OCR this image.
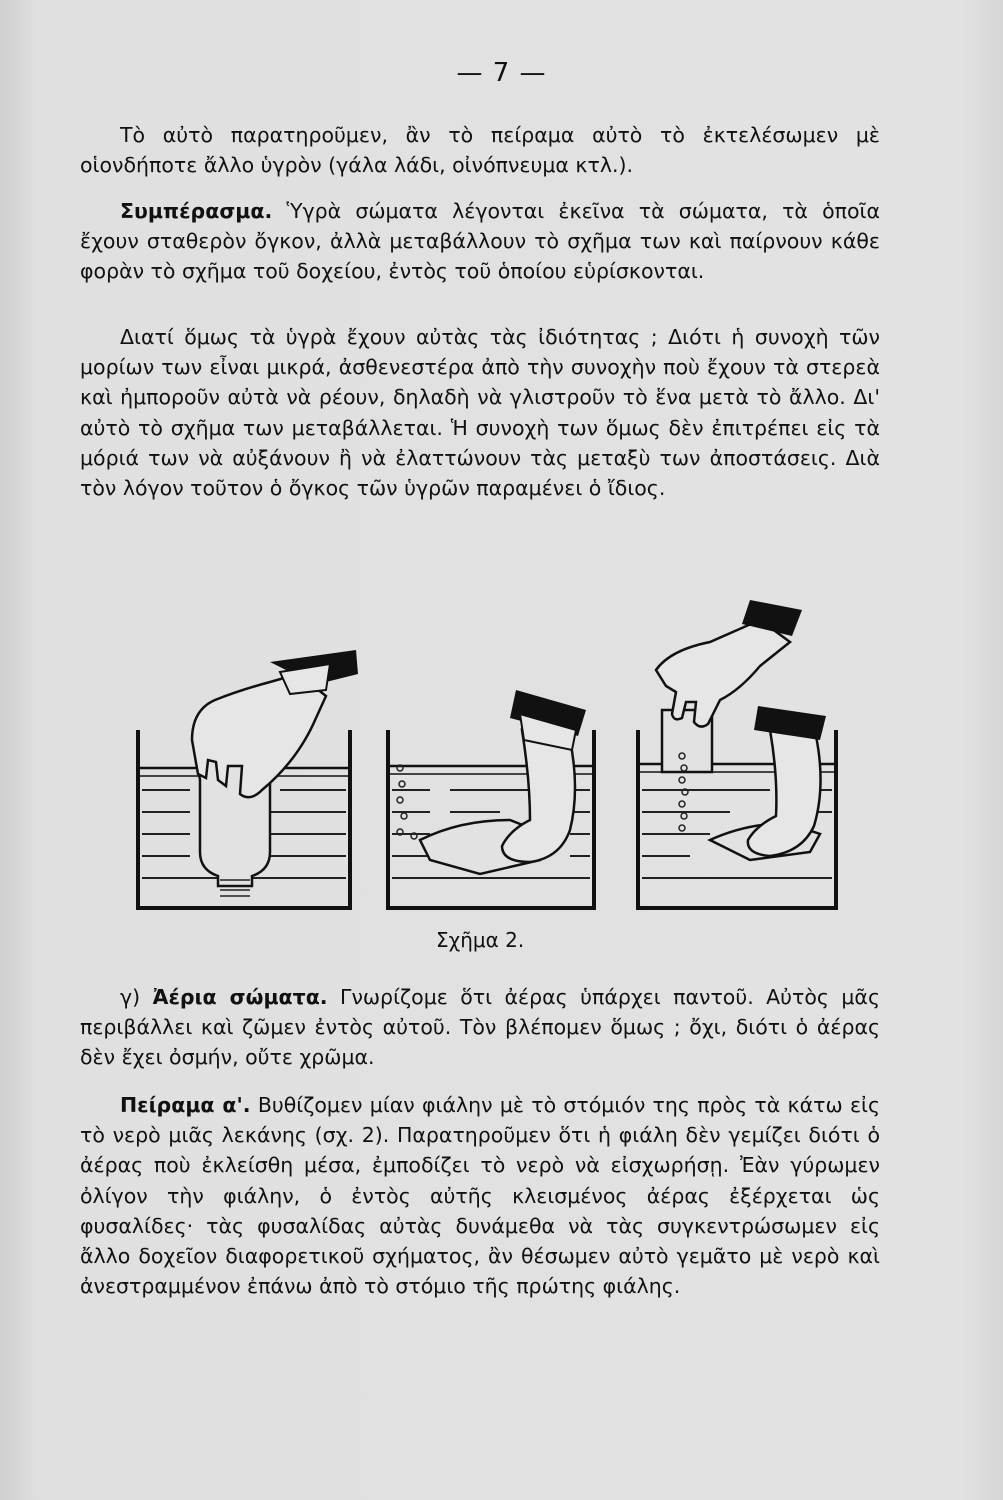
— 7 —

Τὸ αὐτὸ παρατηροῦμεν, ἂν τὸ πείραμα αὐτὸ τὸ ἐκτελέσωμεν μὲ οἱονδήποτε ἄλλο ὑγρὸν (γάλα λάδι, οἰνόπνευμα κτλ.).

Συμπέρασμα. Ὑγρὰ σώματα λέγονται ἐκεῖνα τὰ σώματα, τὰ ὁποῖα ἔχουν σταθερὸν ὄγκον, ἀλλὰ μεταβάλλουν τὸ σχῆμα των καὶ παίρνουν κάθε φορὰν τὸ σχῆμα τοῦ δοχείου, ἐντὸς τοῦ ὁποίου εὑρίσκονται.

Διατί ὅμως τὰ ὑγρὰ ἔχουν αὐτὰς τὰς ἰδιότητας ; Διότι ἡ συνοχὴ τῶν μορίων των εἶναι μικρά, ἀσθενεστέρα ἀπὸ τὴν συνοχὴν ποὺ ἔχουν τὰ στερεὰ καὶ ἠμποροῦν αὐτὰ νὰ ρέουν, δηλαδὴ νὰ γλιστροῦν τὸ ἕνα μετὰ τὸ ἄλλο. Δι' αὐτὸ τὸ σχῆμα των μεταβάλλεται. Ἡ συνοχὴ των ὅμως δὲν ἐπιτρέπει εἰς τὰ μόριά των νὰ αὐξάνουν ἢ νὰ ἐλαττώνουν τὰς μεταξὺ των ἀποστάσεις. Διὰ τὸν λόγον τοῦτον ὁ ὄγκος τῶν ὑγρῶν παραμένει ὁ ἴδιος.

Σχῆμα 2.

γ) Ἀέρια σώματα. Γνωρίζομε ὅτι ἀέρας ὑπάρχει παντοῦ. Αὐτὸς μᾶς περιβάλλει καὶ ζῶμεν ἐντὸς αὐτοῦ. Τὸν βλέπομεν ὅμως ; ὄχι, διότι ὁ ἀέρας δὲν ἔχει ὀσμήν, οὔτε χρῶμα.

Πείραμα α'. Βυθίζομεν μίαν φιάλην μὲ τὸ στόμιόν της πρὸς τὰ κάτω εἰς τὸ νερὸ μιᾶς λεκάνης (σχ. 2). Παρατηροῦμεν ὅτι ἡ φιάλη δὲν γεμίζει διότι ὁ ἀέρας ποὺ ἐκλείσθη μέσα, ἐμποδίζει τὸ νερὸ νὰ εἰσχωρήσῃ. Ἐὰν γύρωμεν ὀλίγον τὴν φιάλην, ὁ ἐντὸς αὐτῆς κλεισμένος ἀέρας ἐξέρχεται ὡς φυσαλίδες· τὰς φυσαλίδας αὐτὰς δυνάμεθα νὰ τὰς συγκεντρώσωμεν εἰς ἄλλο δοχεῖον διαφορετικοῦ σχήματος, ἂν θέσωμεν αὐτὸ γεμᾶτο μὲ νερὸ καὶ ἀνεστραμμένον ἐπάνω ἀπὸ τὸ στόμιο τῆς πρώτης φιάλης.
